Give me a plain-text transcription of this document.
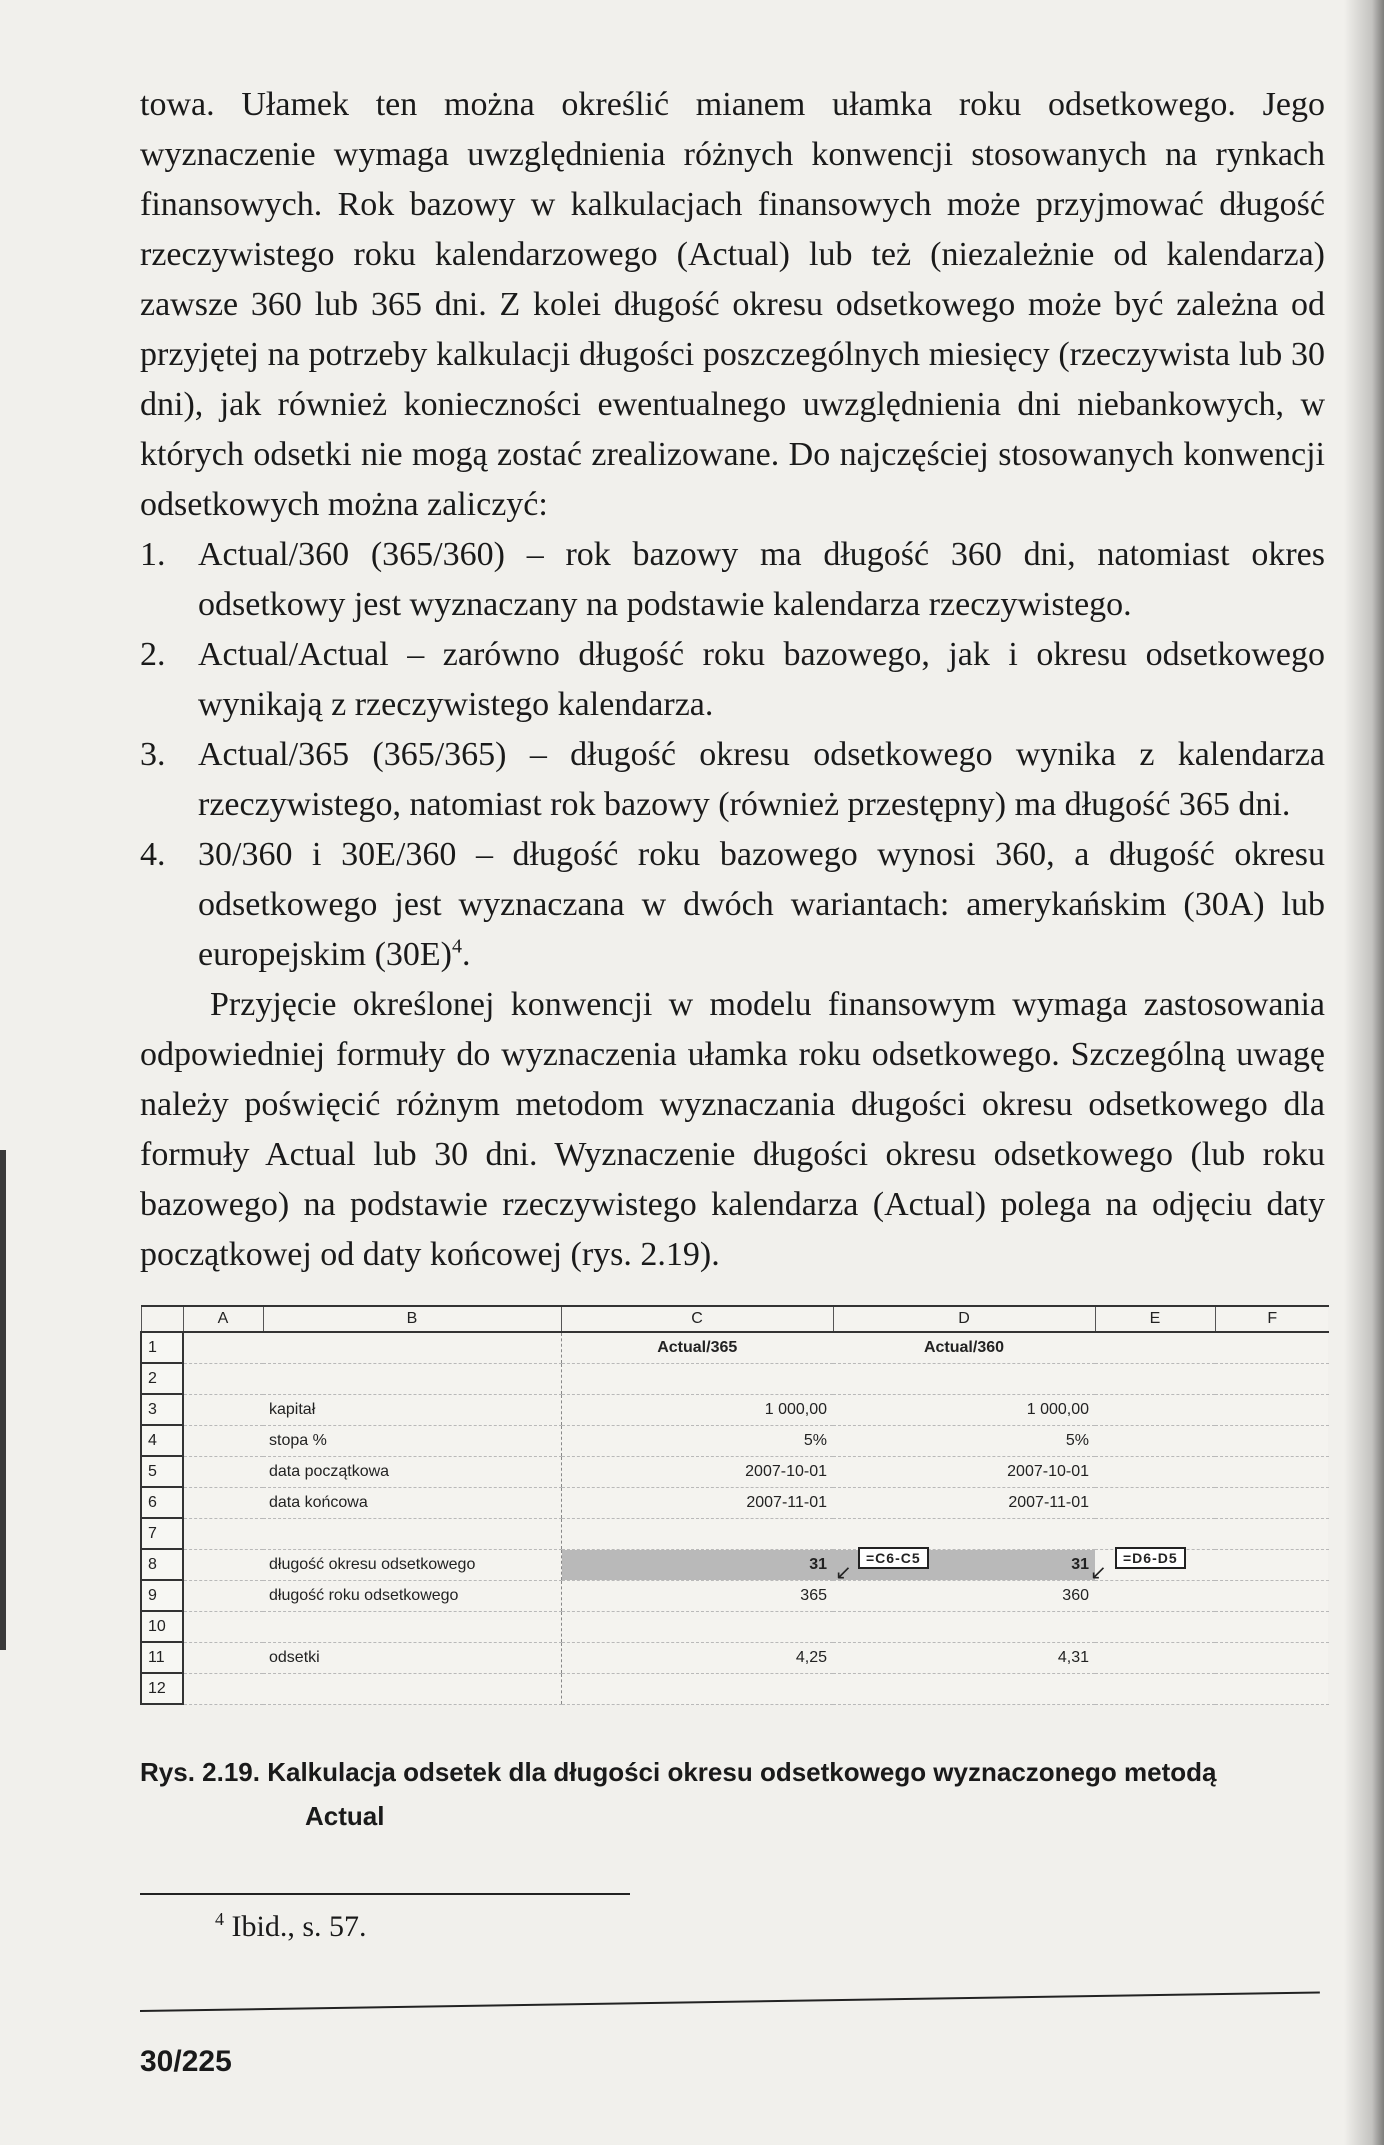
towa. Ułamek ten można określić mianem ułamka roku odsetkowego. Jego wyznaczenie wymaga uwzględnienia różnych konwencji stosowanych na rynkach finansowych. Rok bazowy w kalkulacjach finansowych może przyjmować długość rzeczywistego roku kalendarzowego (Actual) lub też (niezależnie od kalendarza) zawsze 360 lub 365 dni. Z kolei długość okresu odsetkowego może być zależna od przyjętej na potrzeby kalkulacji długości poszczególnych miesięcy (rzeczywista lub 30 dni), jak również konieczności ewentualnego uwzględnienia dni niebankowych, w których odsetki nie mogą zostać zrealizowane. Do najczęściej stosowanych konwencji odsetkowych można zaliczyć:

1. Actual/360 (365/360) – rok bazowy ma długość 360 dni, natomiast okres odsetkowy jest wyznaczany na podstawie kalendarza rzeczywistego.
2. Actual/Actual – zarówno długość roku bazowego, jak i okresu odsetkowego wynikają z rzeczywistego kalendarza.
3. Actual/365 (365/365) – długość okresu odsetkowego wynika z kalendarza rzeczywistego, natomiast rok bazowy (również przestępny) ma długość 365 dni.
4. 30/360 i 30E/360 – długość roku bazowego wynosi 360, a długość okresu odsetkowego jest wyznaczana w dwóch wariantach: amerykańskim (30A) lub europejskim $(30E)^4$.

Przyjęcie określonej konwencji w modelu finansowym wymaga zastosowania odpowiedniej formuły do wyznaczenia ułamka roku odsetkowego. Szczególną uwagę należy poświęcić różnym metodom wyznaczania długości okresu odsetkowego dla formuły Actual lub 30 dni. Wyznaczenie długości okresu odsetkowego (lub roku bazowego) na podstawie rzeczywistego kalendarza (Actual) polega na odjęciu daty początkowej od daty końcowej (rys. 2.19).

	A	B	C	D	E	F
1			Actual/365	Actual/360		
2						
3		kapitał	1 000,00	1 000,00		
4		stopa %	5%	5%		
5		data początkowa	2007-10-01	2007-10-01		
6		data końcowa	2007-11-01	2007-11-01		
7						
8		długość okresu odsetkowego	31	31		
9		długość roku odsetkowego	365	360		
10						
11		odsetki	4,25	4,31		
12						
↙
=C6-C5
↙
=D6-D5
Rys. 2.19. Kalkulacja odsetek dla długości okresu odsetkowego wyznaczonego metodą
Actual
$^4$ Ibid., s. 57.
30/225
